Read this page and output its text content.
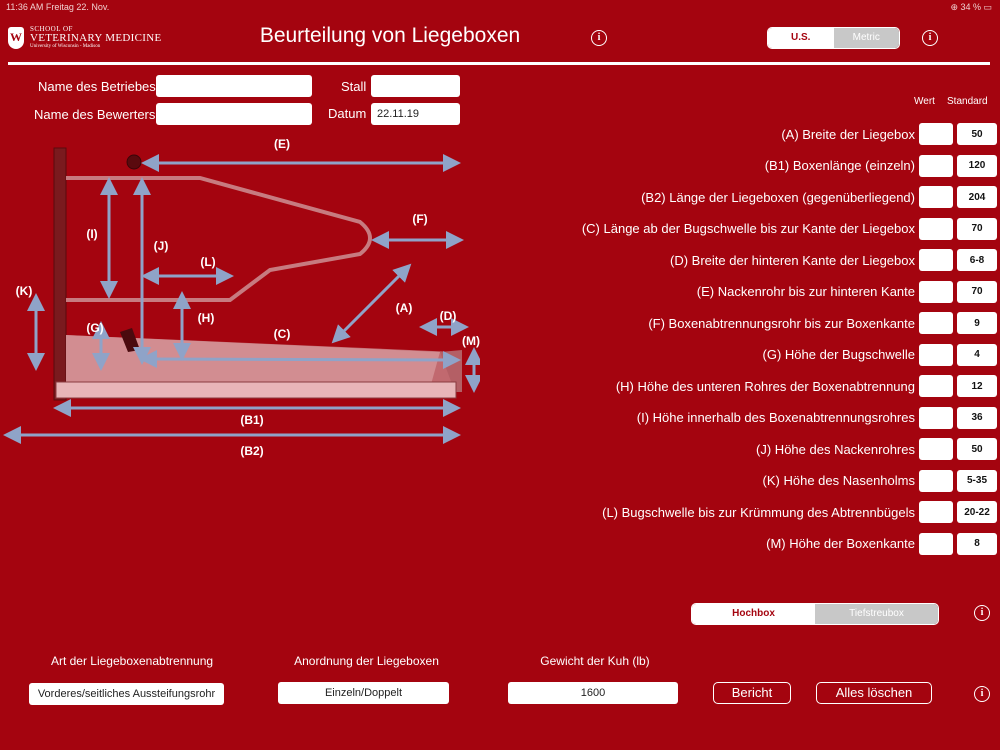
11:36 AM Freitag 22. Nov.	⊕ 34 % ▭
W
SCHOOL OF
VETERINARY MEDICINE
University of Wisconsin - Madison	Beurteilung von Liegeboxen	i	U.S.	Metric	i
Name des Betriebes
Name des Bewerters
Stall
Datum 22.11.19
(E)
(I)
(J)
(F)
(K)
(L)
(A)
(D)
(G)
(H)
(C)	(M)
(B1)
(B2)
Wert Standard
(A) Breite der Liegebox	50
(B1) Boxenlänge (einzeln)	120
(B2) Länge der Liegeboxen (gegenüberliegend)	204
(C) Länge ab der Bugschwelle bis zur Kante der Liegebox	70
(D) Breite der hinteren Kante der Liegebox	6-8
(E) Nackenrohr bis zur hinteren Kante	70
(F) Boxenabtrennungsrohr bis zur Boxenkante	9
(G) Höhe der Bugschwelle	4
(H) Höhe des unteren Rohres der Boxenabtrennung	12
(I) Höhe innerhalb des Boxenabtrennungsrohres	36
(J) Höhe des Nackenrohres	50
(K) Höhe des Nasenholms	5-35
(L) Bugschwelle bis zur Krümmung des Abtrennbügels	20-22
(M) Höhe der Boxenkante	8
Hochbox	Tiefstreubox	i
Art der Liegeboxenabtrennung
Vorderes/seitliches Aussteifungsrohr
Anordnung der Liegeboxen
Einzeln/Doppelt
Gewicht der Kuh (lb)
1600	Bericht	Alles löschen	i
